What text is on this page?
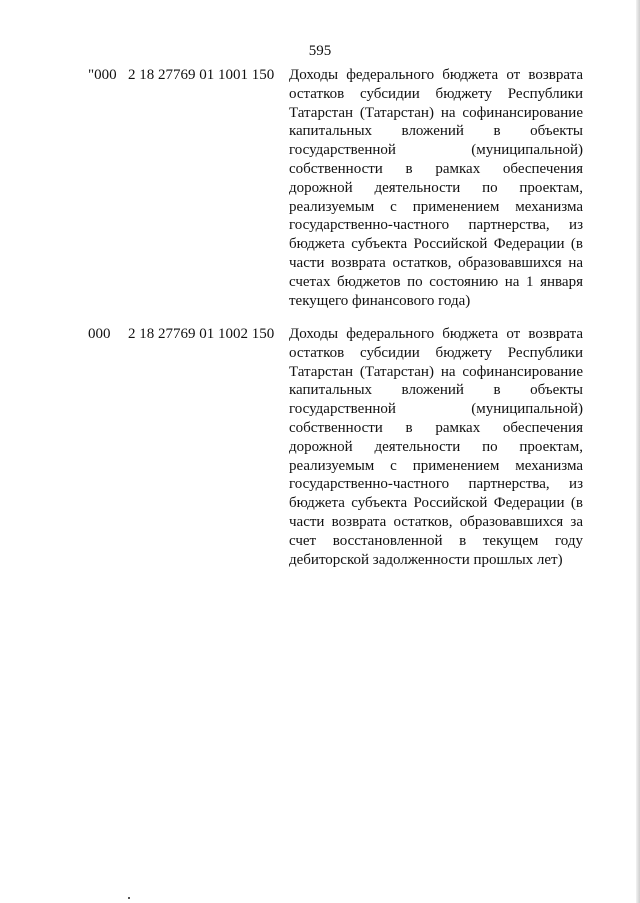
595
"000 2 18 27769 01 1001 150 Доходы федерального бюджета от возврата остатков субсидии бюджету Республики Татарстан (Татарстан) на софинансирование капитальных вложений в объекты государственной (муниципальной) собственности в рамках обеспечения дорожной деятельности по проектам, реализуемым с применением механизма государственно-частного партнерства, из бюджета субъекта Российской Федерации (в части возврата остатков, образовавшихся на счетах бюджетов по состоянию на 1 января текущего финансового года)
000 2 18 27769 01 1002 150 Доходы федерального бюджета от возврата остатков субсидии бюджету Республики Татарстан (Татарстан) на софинансирование капитальных вложений в объекты государственной (муниципальной) собственности в рамках обеспечения дорожной деятельности по проектам, реализуемым с применением механизма государственно-частного партнерства, из бюджета субъекта Российской Федерации (в части возврата остатков, образовавшихся за счет восстановленной в текущем году дебиторской задолженности прошлых лет)
